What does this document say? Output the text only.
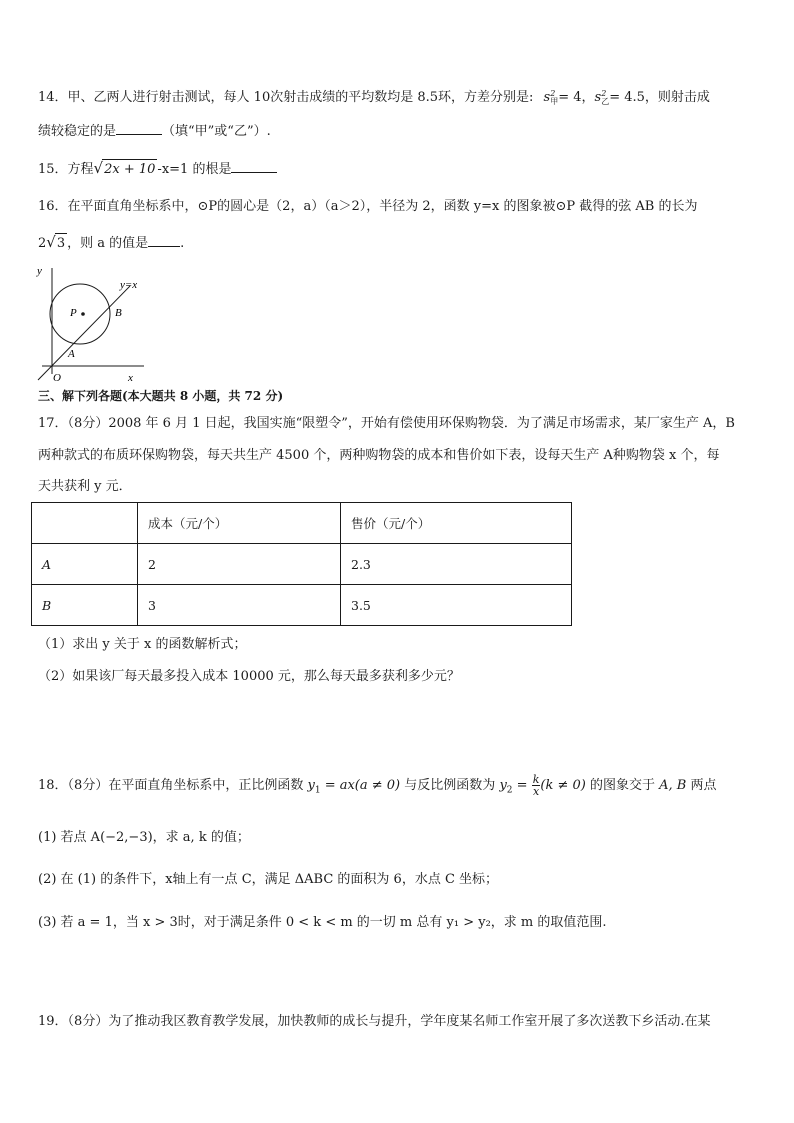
14．甲、乙两人进行射击测试，每人 10次射击成绩的平均数均是 8.5环，方差分别是: s 2
甲 = 4，s 2
乙 = 4.5，则射击成
绩较稳定的是	（填“甲”或“乙”）.
15．方程√2x + 10 -x=1 的根是
16．在平面直角坐标系中，⊙P的圆心是（2，a）（a＞2），半径为 2，函数 y=x 的图象被⊙P 截得的弦 AB 的长为
2√3 ，则 a 的值是 .
y
x
O
P
A
B
y=x
三、解下列各题(本大题共 8 小题，共 72 分)
17．（8分）2008 年 6 月 1 日起，我国实施“限塑令”，开始有偿使用环保购物袋．为了满足市场需求，某厂家生产 A，B
两种款式的布质环保购物袋，每天共生产 4500 个，两种购物袋的成本和售价如下表，设每天生产 A种购物袋 x 个，每
天共获利 y 元．
	成本（元/个）	售价（元/个）
A	2	2.3
B	3	3.5
（1）求出 y 关于 x 的函数解析式；
（2）如果该厂每天最多投入成本 10000 元，那么每天最多获利多少元？
18．（8分）在平面直角坐标系中，正比例函数 $y_1 = ax(a \ne 0)$ 与反比例函数为 $y_2 = \frac{k}{x} (k \ne 0)$ 的图象交于 A, B 两点
(1) 若点 A(−2,−3)，求 a, k 的值；
(2) 在 (1) 的条件下，x轴上有一点 C，满足 ΔABC 的面积为 6，水点 C 坐标；
(3) 若 a = 1，当 x > 3时，对于满足条件 0 < k < m 的一切 m 总有 y₁ > y₂，求 m 的取值范围.
19．（8分）为了推动我区教育教学发展，加快教师的成长与提升，学年度某名师工作室开展了多次送教下乡活动.在某
